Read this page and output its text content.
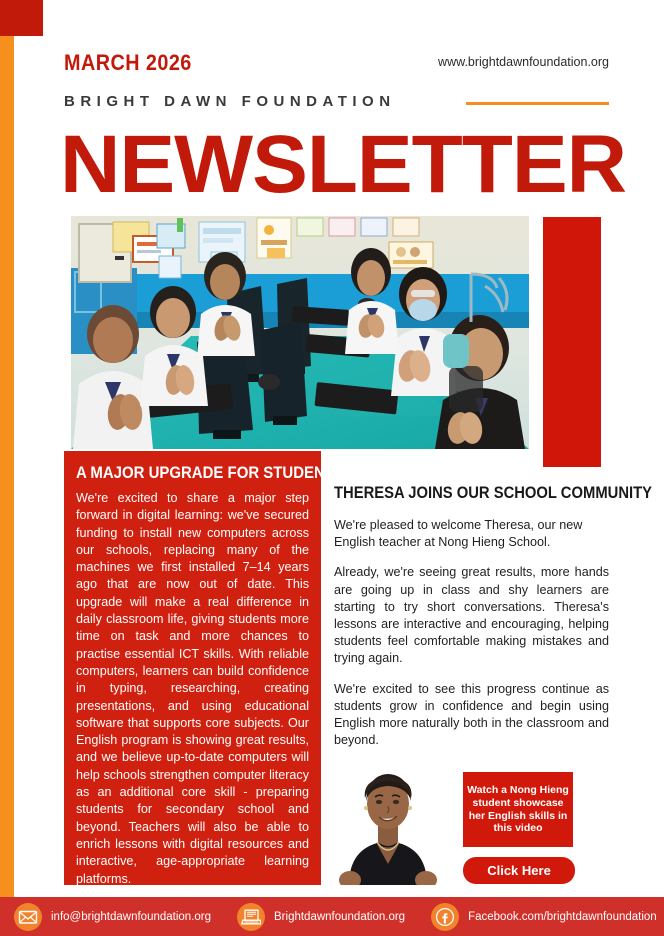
MARCH 2026	www.brightdawnfoundation.org
BRIGHT DAWN FOUNDATION
NEWSLETTER
A MAJOR UPGRADE FOR STUDENTS

We're excited to share a major step forward in digital learning: we've secured funding to install new computers across our schools, replacing many of the machines we first installed 7–14 years ago that are now out of date. This upgrade will make a real difference in daily classroom life, giving students more time on task and more chances to practise essential ICT skills. With reliable computers, learners can build confidence in typing, researching, creating presentations, and using educational software that supports core subjects. Our English program is showing great results, and we believe up-to-date computers will help schools strengthen computer literacy as an additional core skill - preparing students for secondary school and beyond. Teachers will also be able to enrich lessons with digital resources and interactive, age-appropriate learning platforms.

THERESA JOINS OUR SCHOOL COMMUNITY

We're pleased to welcome Theresa, our new English teacher at Nong Hieng School.

Already, we're seeing great results, more hands are going up in class and shy learners are starting to try short conversations. Theresa's lessons are interactive and encouraging, helping students feel comfortable making mistakes and trying again.

We're excited to see this progress continue as students grow in confidence and begin using English more naturally both in the classroom and beyond.

Watch a Nong Hieng student showcase her English skills in this video
Click Here
info@brightdawnfoundation.org	Brightdawnfoundation.org	Facebook.com/brightdawnfoundation
